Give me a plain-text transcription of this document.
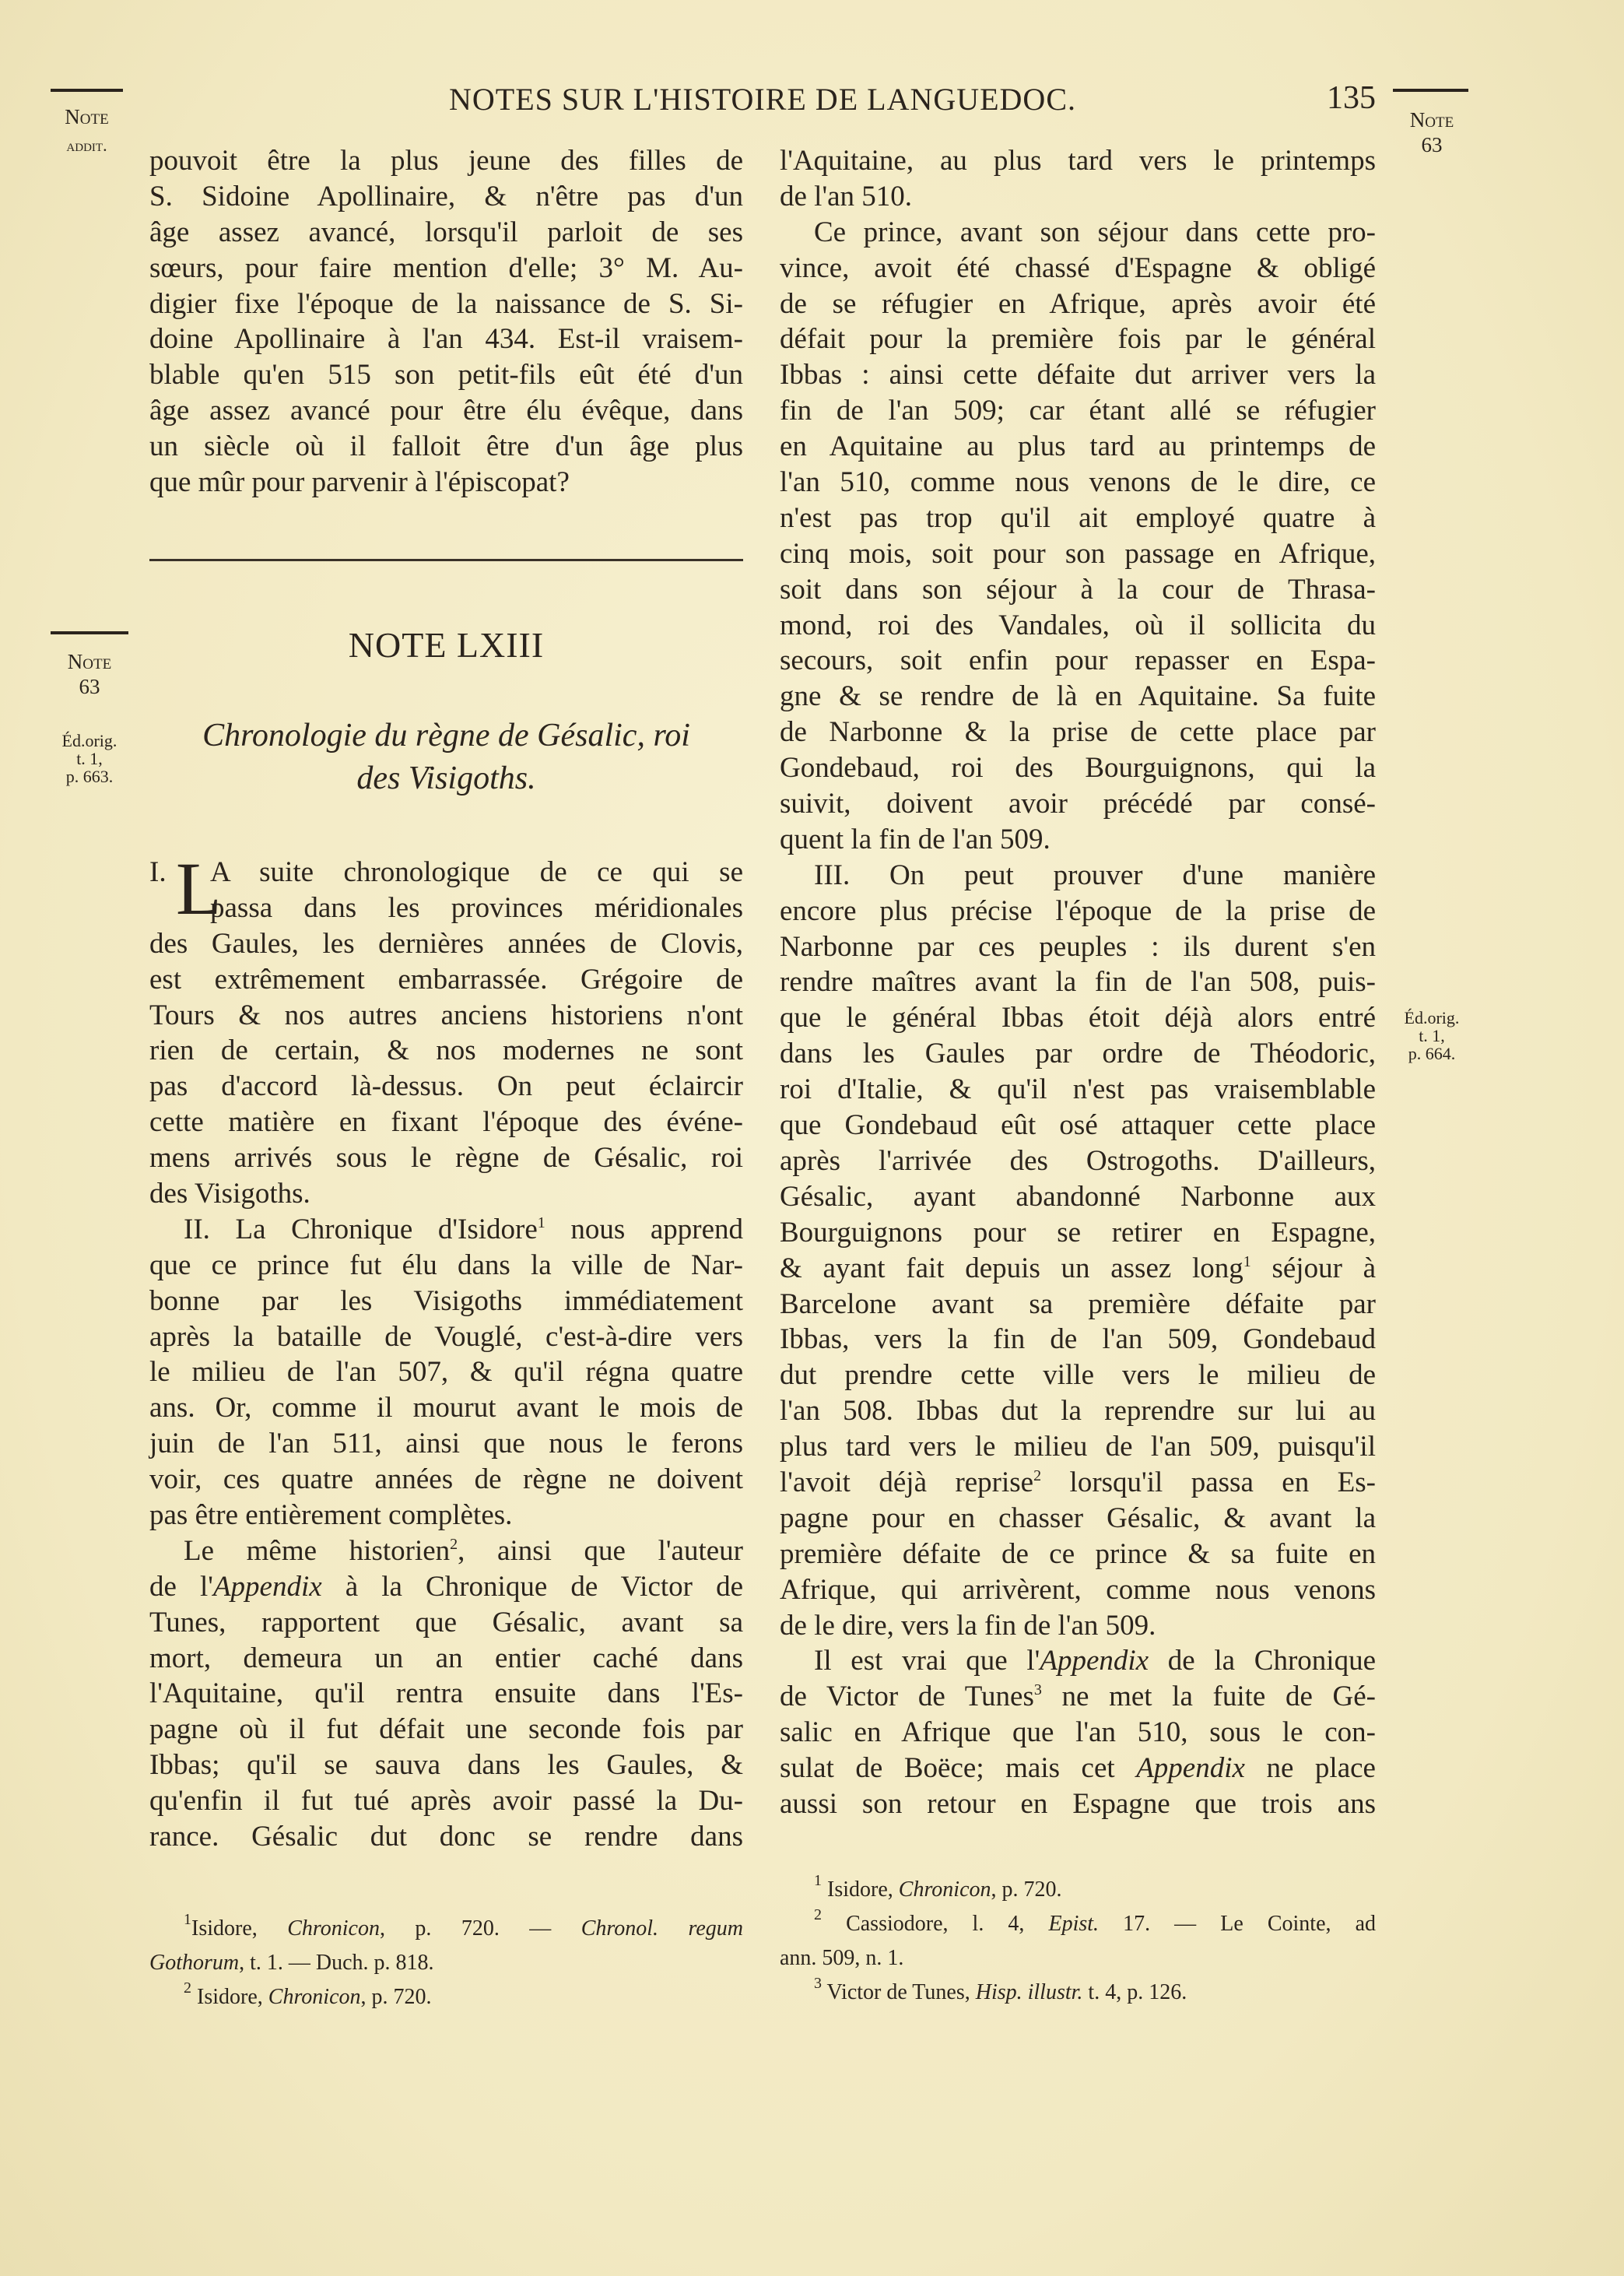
NOTES SUR L'HISTOIRE DE LANGUEDOC.	135
Note
addit.
Note
63
Éd.orig.
t. 1,
p. 663.
Note
63
Éd.orig.
t. 1,
p. 664.
pouvoit être la plus jeune des filles de
S. Sidoine Apollinaire, & n'être pas d'un
âge assez avancé, lorsqu'il parloit de ses
sœurs, pour faire mention d'elle; 3° M. Au-
digier fixe l'époque de la naissance de S. Si-
doine Apollinaire à l'an 434. Est-il vraisem-
blable qu'en 515 son petit-fils eût été d'un
âge assez avancé pour être élu évêque, dans
un siècle où il falloit être d'un âge plus
que mûr pour parvenir à l'épiscopat?
NOTE LXIII
Chronologie du règne de Gésalic, roi
des Visigoths.
I. L
A suite chronologique de ce qui se
passa dans les provinces méridionales
des Gaules, les dernières années de Clovis,
est extrêmement embarrassée. Grégoire de
Tours & nos autres anciens historiens n'ont
rien de certain, & nos modernes ne sont
pas d'accord là-dessus. On peut éclaircir
cette matière en fixant l'époque des événe-
mens arrivés sous le règne de Gésalic, roi
des Visigoths.
II. La Chronique d'Isidore$^1$ nous apprend
que ce prince fut élu dans la ville de Nar-
bonne par les Visigoths immédiatement
après la bataille de Vouglé, c'est-à-dire vers
le milieu de l'an 507, & qu'il régna quatre
ans. Or, comme il mourut avant le mois de
juin de l'an 511, ainsi que nous le ferons
voir, ces quatre années de règne ne doivent
pas être entièrement complètes.
Le même historien$^2$, ainsi que l'auteur
de l'Appendix à la Chronique de Victor de
Tunes, rapportent que Gésalic, avant sa
mort, demeura un an entier caché dans
l'Aquitaine, qu'il rentra ensuite dans l'Es-
pagne où il fut défait une seconde fois par
Ibbas; qu'il se sauva dans les Gaules, &
qu'enfin il fut tué après avoir passé la Du-
rance. Gésalic dut donc se rendre dans
$^1$Isidore, Chronicon, p. 720. — Chronol. regum
Gothorum, t. 1. — Duch. p. 818.
$^2$ Isidore, Chronicon, p. 720.
l'Aquitaine, au plus tard vers le printemps
de l'an 510.
Ce prince, avant son séjour dans cette pro-
vince, avoit été chassé d'Espagne & obligé
de se réfugier en Afrique, après avoir été
défait pour la première fois par le général
Ibbas : ainsi cette défaite dut arriver vers la
fin de l'an 509; car étant allé se réfugier
en Aquitaine au plus tard au printemps de
l'an 510, comme nous venons de le dire, ce
n'est pas trop qu'il ait employé quatre à
cinq mois, soit pour son passage en Afrique,
soit dans son séjour à la cour de Thrasa-
mond, roi des Vandales, où il sollicita du
secours, soit enfin pour repasser en Espa-
gne & se rendre de là en Aquitaine. Sa fuite
de Narbonne & la prise de cette place par
Gondebaud, roi des Bourguignons, qui la
suivit, doivent avoir précédé par consé-
quent la fin de l'an 509.
III. On peut prouver d'une manière
encore plus précise l'époque de la prise de
Narbonne par ces peuples : ils durent s'en
rendre maîtres avant la fin de l'an 508, puis-
que le général Ibbas étoit déjà alors entré
dans les Gaules par ordre de Théodoric,
roi d'Italie, & qu'il n'est pas vraisemblable
que Gondebaud eût osé attaquer cette place
après l'arrivée des Ostrogoths. D'ailleurs,
Gésalic, ayant abandonné Narbonne aux
Bourguignons pour se retirer en Espagne,
& ayant fait depuis un assez long$^1$ séjour à
Barcelone avant sa première défaite par
Ibbas, vers la fin de l'an 509, Gondebaud
dut prendre cette ville vers le milieu de
l'an 508. Ibbas dut la reprendre sur lui au
plus tard vers le milieu de l'an 509, puisqu'il
l'avoit déjà reprise$^2$ lorsqu'il passa en Es-
pagne pour en chasser Gésalic, & avant la
première défaite de ce prince & sa fuite en
Afrique, qui arrivèrent, comme nous venons
de le dire, vers la fin de l'an 509.
Il est vrai que l'Appendix de la Chronique
de Victor de Tunes$^3$ ne met la fuite de Gé-
salic en Afrique que l'an 510, sous le con-
sulat de Boëce; mais cet Appendix ne place
aussi son retour en Espagne que trois ans
$^1$ Isidore, Chronicon, p. 720.
$^2$ Cassiodore, l. 4, Epist. 17. — Le Cointe, ad
ann. 509, n. 1.
$^3$ Victor de Tunes, Hisp. illustr. t. 4, p. 126.
